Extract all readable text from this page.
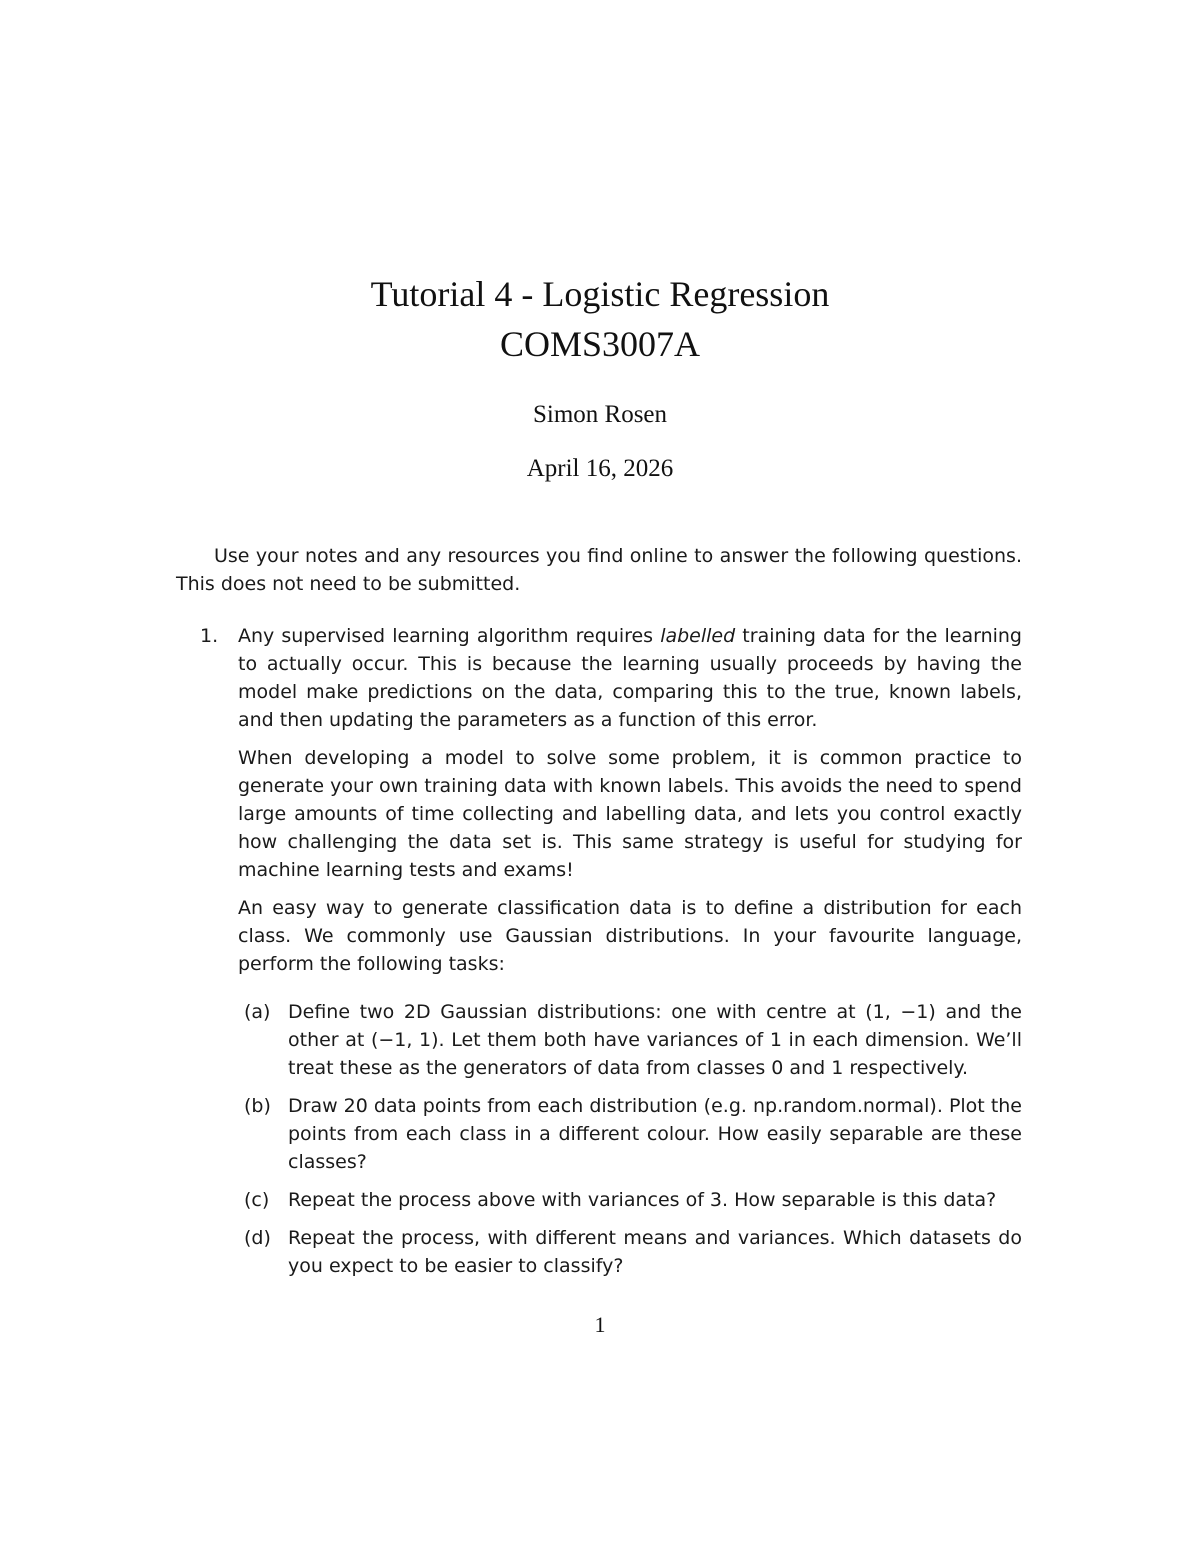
Tutorial 4 - Logistic Regression
COMS3007A
Simon Rosen
April 16, 2026
Use your notes and any resources you find online to answer the following questions. This does not need to be submitted.
1. Any supervised learning algorithm requires labelled training data for the learning to actually occur. This is because the learning usually proceeds by having the model make predictions on the data, comparing this to the true, known labels, and then updating the parameters as a function of this error.

When developing a model to solve some problem, it is common practice to generate your own training data with known labels. This avoids the need to spend large amounts of time collecting and labelling data, and lets you control exactly how challenging the data set is. This same strategy is useful for studying for machine learning tests and exams!

An easy way to generate classification data is to define a distribution for each class. We commonly use Gaussian distributions. In your favourite language, perform the following tasks:

(a) Define two 2D Gaussian distributions: one with centre at (1, −1) and the other at (−1, 1). Let them both have variances of 1 in each dimension. We’ll treat these as the generators of data from classes 0 and 1 respectively.
(b) Draw 20 data points from each distribution (e.g. np.random.normal). Plot the points from each class in a different colour. How easily separable are these classes?
(c) Repeat the process above with variances of 3. How separable is this data?
(d) Repeat the process, with different means and variances. Which datasets do you expect to be easier to classify?
1
